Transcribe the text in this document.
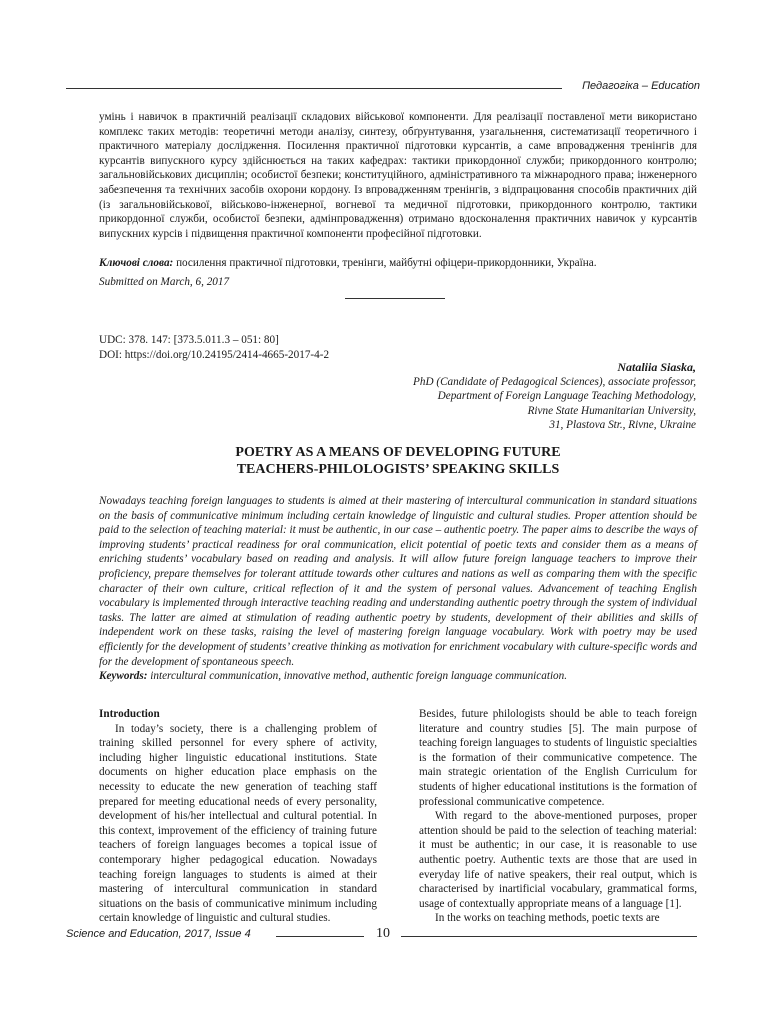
Педагогіка – Education

умінь і навичок в практичній реалізації складових військової компоненти. Для реалізації поставленої мети використано комплекс таких методів: теоретичні методи аналізу, синтезу, обґрунтування, узагальнення, систематизації теоретичного і практичного матеріалу дослідження. Посилення практичної підготовки курсантів, а саме впровадження тренінгів для курсантів випускного курсу здійснюється на таких кафедрах: тактики прикордонної служби; прикордонного контролю; загальновійськових дисциплін; особистої безпеки; конституційного, адміністративного та міжнародного права; інженерного забезпечення та технічних засобів охорони кордону. Із впровадженням тренінгів, з відпрацювання способів практичних дій (із загальновійськової, військово-інженерної, вогневої та медичної підготовки, прикордонного контролю, тактики прикордонної служби, особистої безпеки, адмінпровадження) отримано вдосконалення практичних навичок у курсантів випускних курсів і підвищення практичної компоненти професійної підготовки.

Ключові слова: посилення практичної підготовки, тренінги, майбутні офіцери-прикордонники, Україна.

Submitted on March, 6, 2017
UDC: 378. 147: [373.5.011.3 – 051: 80]
DOI: https://doi.org/10.24195/2414-4665-2017-4-2
Nataliia Siaska,
PhD (Candidate of Pedagogical Sciences), associate professor,
Department of Foreign Language Teaching Methodology,
Rivne State Humanitarian University,
31, Plastova Str., Rivne, Ukraine
POETRY AS A MEANS OF DEVELOPING FUTURE
TEACHERS-PHILOLOGISTS’ SPEAKING SKILLS

Nowadays teaching foreign languages to students is aimed at their mastering of intercultural communication in standard situations on the basis of communicative minimum including certain knowledge of linguistic and cultural studies. Proper attention should be paid to the selection of teaching material: it must be authentic, in our case – authentic poetry. The paper aims to describe the ways of improving students’ practical readiness for oral communication, elicit potential of poetic texts and consider them as a means of enriching students’ vocabulary based on reading and analysis. It will allow future foreign language teachers to improve their proficiency, prepare themselves for tolerant attitude towards other cultures and nations as well as comparing them with the specific character of their own culture, critical reflection of it and the system of personal values. Advancement of teaching English vocabulary is implemented through interactive teaching reading and understanding authentic poetry through the system of individual tasks. The latter are aimed at stimulation of reading authentic poetry by students, development of their abilities and skills of independent work on these tasks, raising the level of mastering foreign language vocabulary. Work with poetry may be used efficiently for the development of students’ creative thinking as motivation for enrichment vocabulary with culture-specific words and for the development of spontaneous speech.

Keywords: intercultural communication, innovative method, authentic foreign language communication.

Introduction

In today’s society, there is a challenging problem of training skilled personnel for every sphere of activity, including higher linguistic educational institutions. State documents on higher education place emphasis on the necessity to educate the new generation of teaching staff prepared for meeting educational needs of every personality, development of his/her intellectual and cultural potential. In this context, improvement of the efficiency of training future teachers of foreign languages becomes a topical issue of contemporary higher pedagogical education. Nowadays teaching foreign languages to students is aimed at their mastering of intercultural communication in standard situations on the basis of communicative minimum including certain knowledge of linguistic and cultural studies.

Besides, future philologists should be able to teach foreign literature and country studies [5]. The main purpose of teaching foreign languages to students of linguistic specialties is the formation of their communicative competence. The main strategic orientation of the English Curriculum for students of higher educational institutions is the formation of professional communicative competence.

With regard to the above-mentioned purposes, proper attention should be paid to the selection of teaching material: it must be authentic; in our case, it is reasonable to use authentic poetry. Authentic texts are those that are used in everyday life of native speakers, their real output, which is characterised by inartificial vocabulary, grammatical forms, usage of contextually appropriate means of a language [1].

In the works on teaching methods, poetic texts are

Science and Education, 2017, Issue 4	10
